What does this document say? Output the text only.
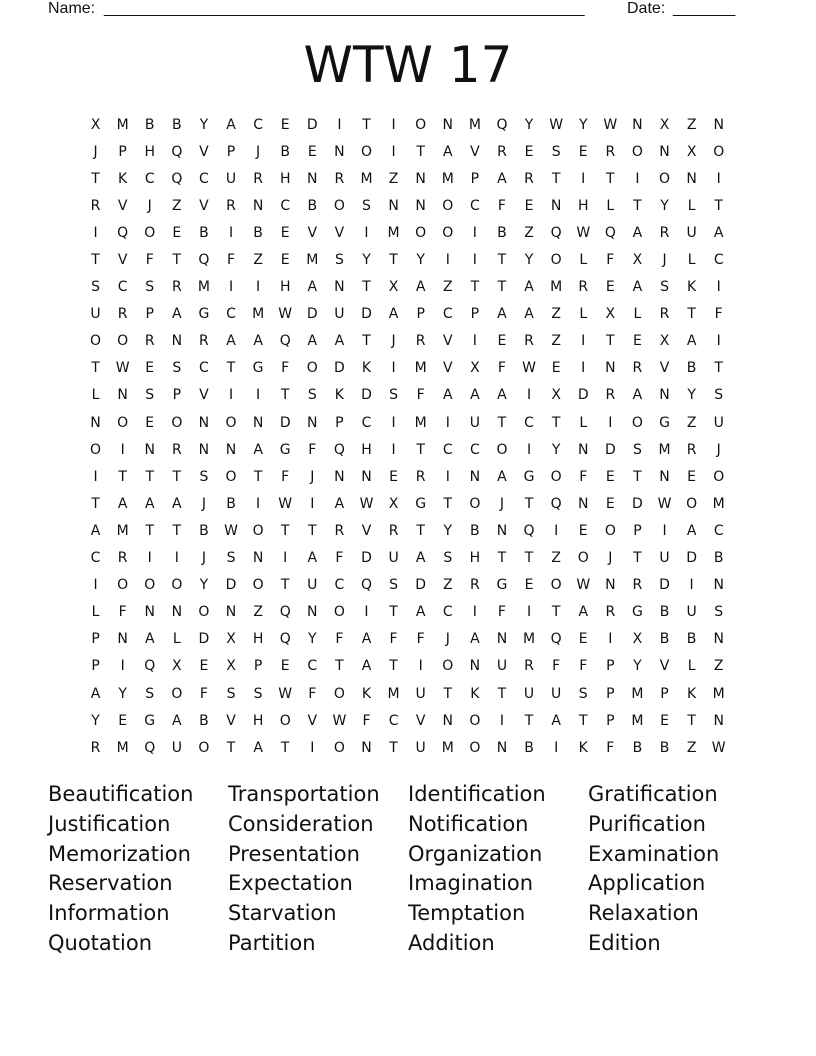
Name: ______________________________________________________	Date: _______
WTW 17
X	M	B	B	Y	A	C	E	D	I	T	I	O	N	M	Q	Y	W	Y	W	N	X	Z	N
J	P	H	Q	V	P	J	B	E	N	O	I	T	A	V	R	E	S	E	R	O	N	X	O
T	K	C	Q	C	U	R	H	N	R	M	Z	N	M	P	A	R	T	I	T	I	O	N	I
R	V	J	Z	V	R	N	C	B	O	S	N	N	O	C	F	E	N	H	L	T	Y	L	T
I	Q	O	E	B	I	B	E	V	V	I	M	O	O	I	B	Z	Q	W	Q	A	R	U	A
T	V	F	T	Q	F	Z	E	M	S	Y	T	Y	I	I	T	Y	O	L	F	X	J	L	C
S	C	S	R	M	I	I	H	A	N	T	X	A	Z	T	T	A	M	R	E	A	S	K	I
U	R	P	A	G	C	M	W	D	U	D	A	P	C	P	A	A	Z	L	X	L	R	T	F
O	O	R	N	R	A	A	Q	A	A	T	J	R	V	I	E	R	Z	I	T	E	X	A	I
T	W	E	S	C	T	G	F	O	D	K	I	M	V	X	F	W	E	I	N	R	V	B	T
L	N	S	P	V	I	I	T	S	K	D	S	F	A	A	A	I	X	D	R	A	N	Y	S
N	O	E	O	N	O	N	D	N	P	C	I	M	I	U	T	C	T	L	I	O	G	Z	U
O	I	N	R	N	N	A	G	F	Q	H	I	T	C	C	O	I	Y	N	D	S	M	R	J
I	T	T	T	S	O	T	F	J	N	N	E	R	I	N	A	G	O	F	E	T	N	E	O
T	A	A	A	J	B	I	W	I	A	W	X	G	T	O	J	T	Q	N	E	D	W	O	M
A	M	T	T	B	W	O	T	T	R	V	R	T	Y	B	N	Q	I	E	O	P	I	A	C
C	R	I	I	J	S	N	I	A	F	D	U	A	S	H	T	T	Z	O	J	T	U	D	B
I	O	O	O	Y	D	O	T	U	C	Q	S	D	Z	R	G	E	O	W	N	R	D	I	N
L	F	N	N	O	N	Z	Q	N	O	I	T	A	C	I	F	I	T	A	R	G	B	U	S
P	N	A	L	D	X	H	Q	Y	F	A	F	F	J	A	N	M	Q	E	I	X	B	B	N
P	I	Q	X	E	X	P	E	C	T	A	T	I	O	N	U	R	F	F	P	Y	V	L	Z
A	Y	S	O	F	S	S	W	F	O	K	M	U	T	K	T	U	U	S	P	M	P	K	M
Y	E	G	A	B	V	H	O	V	W	F	C	V	N	O	I	T	A	T	P	M	E	T	N
R	M	Q	U	O	T	A	T	I	O	N	T	U	M	O	N	B	I	K	F	B	B	Z	W
Beautification	Transportation	Identification	Gratification
Justification	Consideration	Notification	Purification
Memorization	Presentation	Organization	Examination
Reservation	Expectation	Imagination	Application
Information	Starvation	Temptation	Relaxation
Quotation	Partition	Addition	Edition
